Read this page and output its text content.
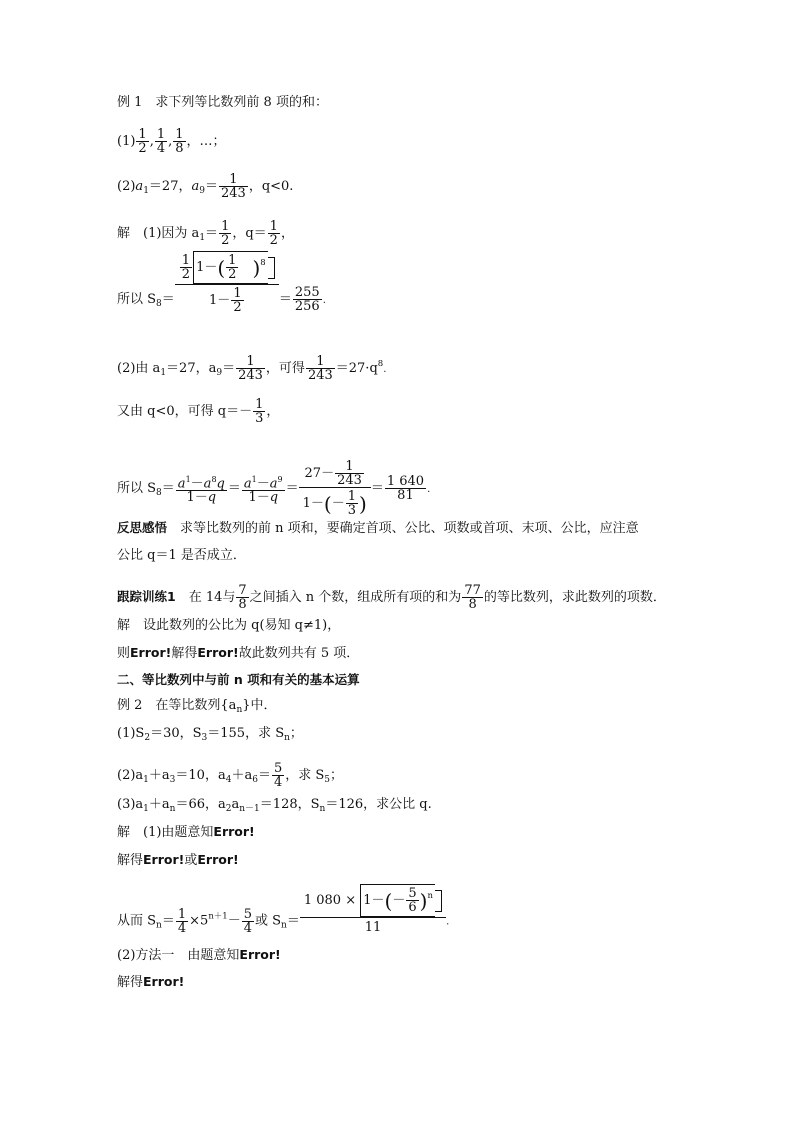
例 1　求下列等比数列前 8 项的和：
$(1) \frac{1}{2}$ , $\frac{1}{4}$ , $\frac{1}{8}$ ，…；
$(2)a_1=27$，$a_9= \frac{1}{243}$ ，q<0.
解　(1)因为 $a_1= \frac{1}{2}$ ，$q= \frac{1}{2}$ ，
所以 $S_8= \frac{1}{2} 1-( \frac{1}{2}$
　 )$^8$
$1- \frac{1}{2} = \frac{255}{256}$ .
(2)由 $a_1=27$，$a_9= \frac{1}{243}$ ，可得 $\frac{1}{243} =27\cdot q^8$.
又由 q<0，可得 $q=- \frac{1}{3}$ ，
所以 $S_8= \frac{a^1-a^8q}{1-q} = \frac{a^1-a^9}{1-q} = \frac{27- \frac{1}{243}}{1-(- \frac{1}{3} )} = \frac{1 640}{81}$ .
反思感悟　求等比数列的前 n 项和，要确定首项、公比、项数或首项、末项、公比，应注意
公比 q＝1 是否成立．
跟踪训练1　在 14与 $\frac{7}{8}$ 之间插入 n 个数，组成所有项的和为 $\frac{77}{8}$ 的等比数列，求此数列的项数．
解　设此数列的公比为 q(易知 q≠1)，
则Error!解得Error!故此数列共有 5 项．
二、等比数列中与前 n 项和有关的基本运算
例 2　在等比数列$\{a_n\}$中．
$(1)S_2=30$，$S_3=155$，求 $S_n$；
$(2)a_1+a_3=10$，$a_4+a_6= \frac{5}{4}$ ，求 $S_5$；
$(3)a_1+a_n=66$，$a_2a_{n-1}=128$，$S_n=126$，求公比 q.
解　(1)由题意知Error!
解得Error!或Error!
从而 $S_n= \frac{1}{4} \times 5^{n+1}- \frac{5}{4}$ 或 $S_n= \frac{1 080 \times 1-(- \frac{5}{6} )^n}{11}$ .
(2)方法一　由题意知Error!
解得Error!
